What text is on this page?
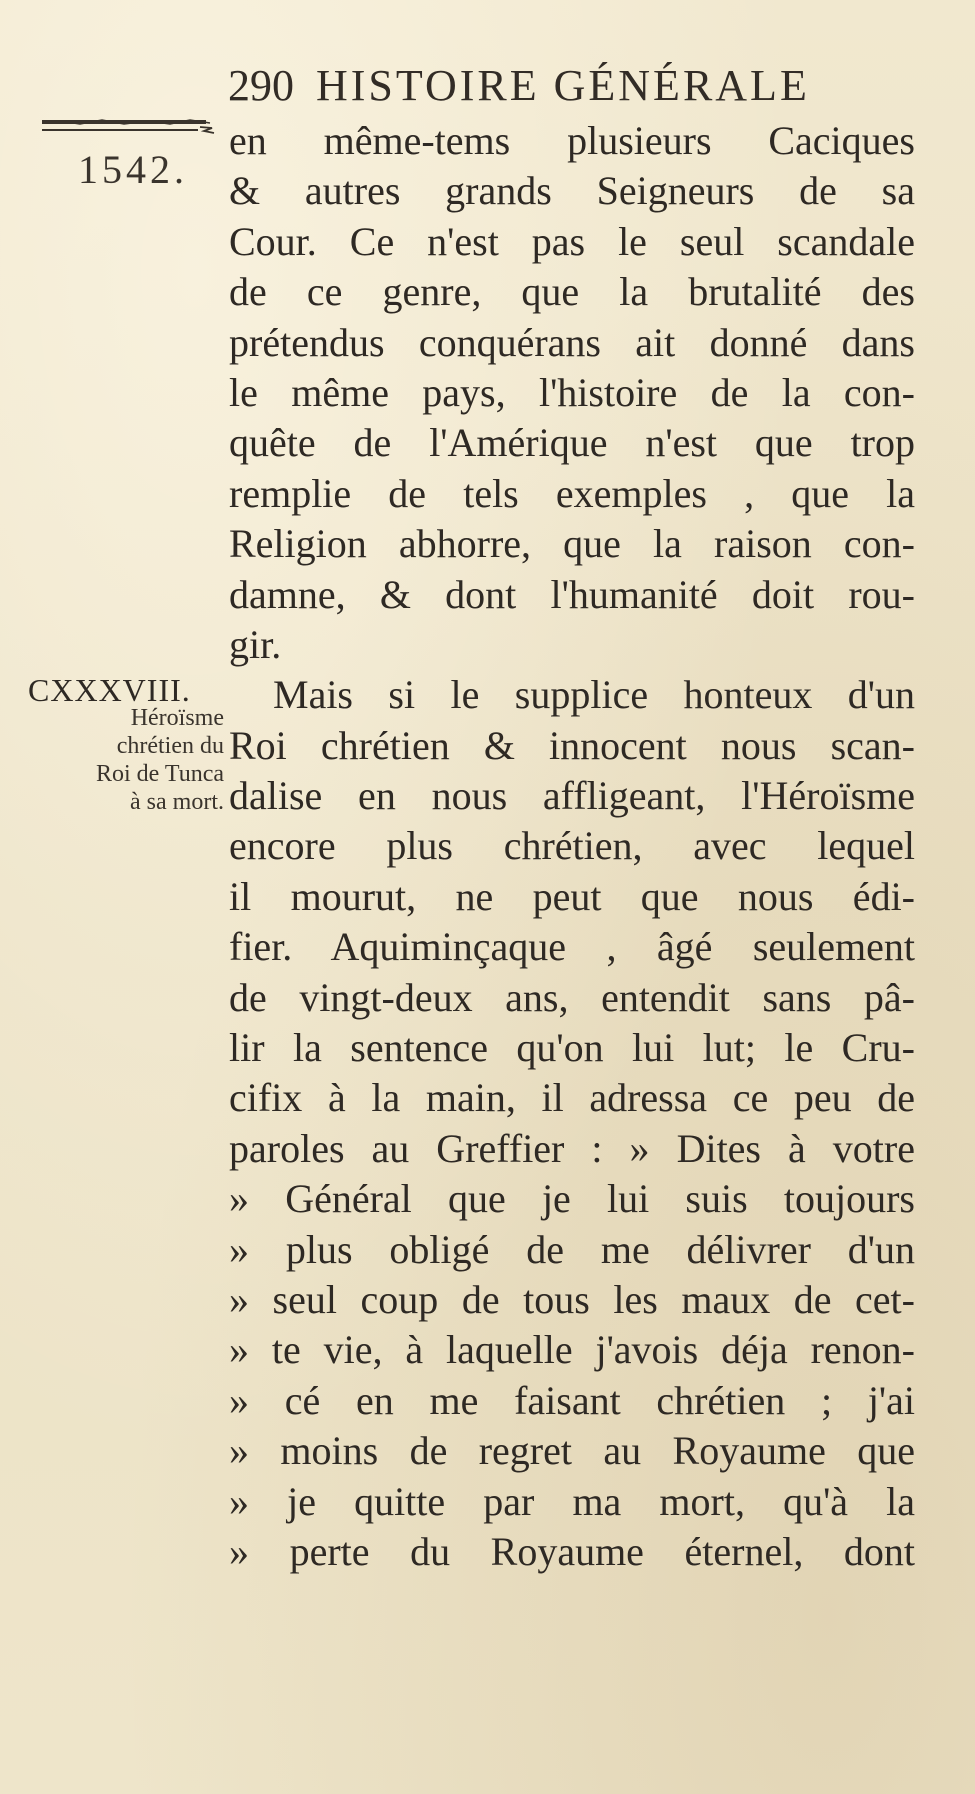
290 HISTOIRE GÉNÉRALE
1542.
CXXXVIII.
Héroïsme
chrétien du
Roi de Tunca
à sa mort.
en même-tems plusieurs Caciques
& autres grands Seigneurs de sa
Cour. Ce n'est pas le seul scandale
de ce genre, que la brutalité des
prétendus conquérans ait donné dans
le même pays, l'histoire de la con-
quête de l'Amérique n'est que trop
remplie de tels exemples , que la
Religion abhorre, que la raison con-
damne, & dont l'humanité doit rou-
gir.
Mais si le supplice honteux d'un
Roi chrétien & innocent nous scan-
dalise en nous affligeant, l'Héroïsme
encore plus chrétien, avec lequel
il mourut, ne peut que nous édi-
fier. Aquiminçaque , âgé seulement
de vingt-deux ans, entendit sans pâ-
lir la sentence qu'on lui lut; le Cru-
cifix à la main, il adressa ce peu de
paroles au Greffier : » Dites à votre
» Général que je lui suis toujours
» plus obligé de me délivrer d'un
» seul coup de tous les maux de cet-
» te vie, à laquelle j'avois déja renon-
» cé en me faisant chrétien ; j'ai
» moins de regret au Royaume que
» je quitte par ma mort, qu'à la
» perte du Royaume éternel, dont
